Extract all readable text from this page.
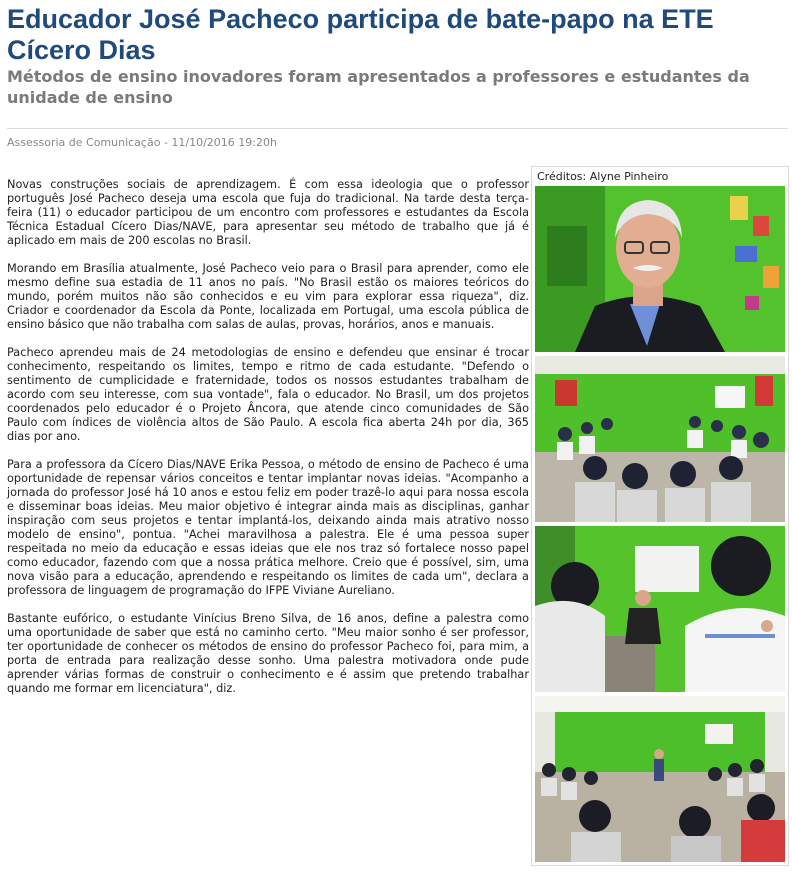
Educador José Pacheco participa de bate-papo na ETE Cícero Dias
Métodos de ensino inovadores foram apresentados a professores e estudantes da unidade de ensino
Assessoria de Comunicação - 11/10/2016 19:20h

Novas construções sociais de aprendizagem. É com essa ideologia que o professor português José Pacheco deseja uma escola que fuja do tradicional. Na tarde desta terça-feira (11) o educador participou de um encontro com professores e estudantes da Escola Técnica Estadual Cícero Dias/NAVE, para apresentar seu método de trabalho que já é aplicado em mais de 200 escolas no Brasil.

Morando em Brasília atualmente, José Pacheco veio para o Brasil para aprender, como ele mesmo define sua estadia de 11 anos no país. "No Brasil estão os maiores teóricos do mundo, porém muitos não são conhecidos e eu vim para explorar essa riqueza", diz. Criador e coordenador da Escola da Ponte, localizada em Portugal, uma escola pública de ensino básico que não trabalha com salas de aulas, provas, horários, anos e manuais.

Pacheco aprendeu mais de 24 metodologias de ensino e defendeu que ensinar é trocar conhecimento, respeitando os limites, tempo e ritmo de cada estudante. "Defendo o sentimento de cumplicidade e fraternidade, todos os nossos estudantes trabalham de acordo com seu interesse, com sua vontade", fala o educador. No Brasil, um dos projetos coordenados pelo educador é o Projeto Âncora, que atende cinco comunidades de São Paulo com índices de violência altos de São Paulo. A escola fica aberta 24h por dia, 365 dias por ano.

Para a professora da Cícero Dias/NAVE Erika Pessoa, o método de ensino de Pacheco é uma oportunidade de repensar vários conceitos e tentar implantar novas ideias. "Acompanho a jornada do professor José há 10 anos e estou feliz em poder trazê-lo aqui para nossa escola e disseminar boas ideias. Meu maior objetivo é integrar ainda mais as disciplinas, ganhar inspiração com seus projetos e tentar implantá-los, deixando ainda mais atrativo nosso modelo de ensino", pontua. "Achei maravilhosa a palestra. Ele é uma pessoa super respeitada no meio da educação e essas ideias que ele nos traz só fortalece nosso papel como educador, fazendo com que a nossa prática melhore. Creio que é possível, sim, uma nova visão para a educação, aprendendo e respeitando os limites de cada um", declara a professora de linguagem de programação do IFPE Viviane Aureliano.

Bastante eufórico, o estudante Vinícius Breno Silva, de 16 anos, define a palestra como uma oportunidade de saber que está no caminho certo. "Meu maior sonho é ser professor, ter oportunidade de conhecer os métodos de ensino do professor Pacheco foi, para mim, a porta de entrada para realização desse sonho. Uma palestra motivadora onde pude aprender várias formas de construir o conhecimento e é assim que pretendo trabalhar quando me formar em licenciatura", diz.

Créditos: Alyne Pinheiro
